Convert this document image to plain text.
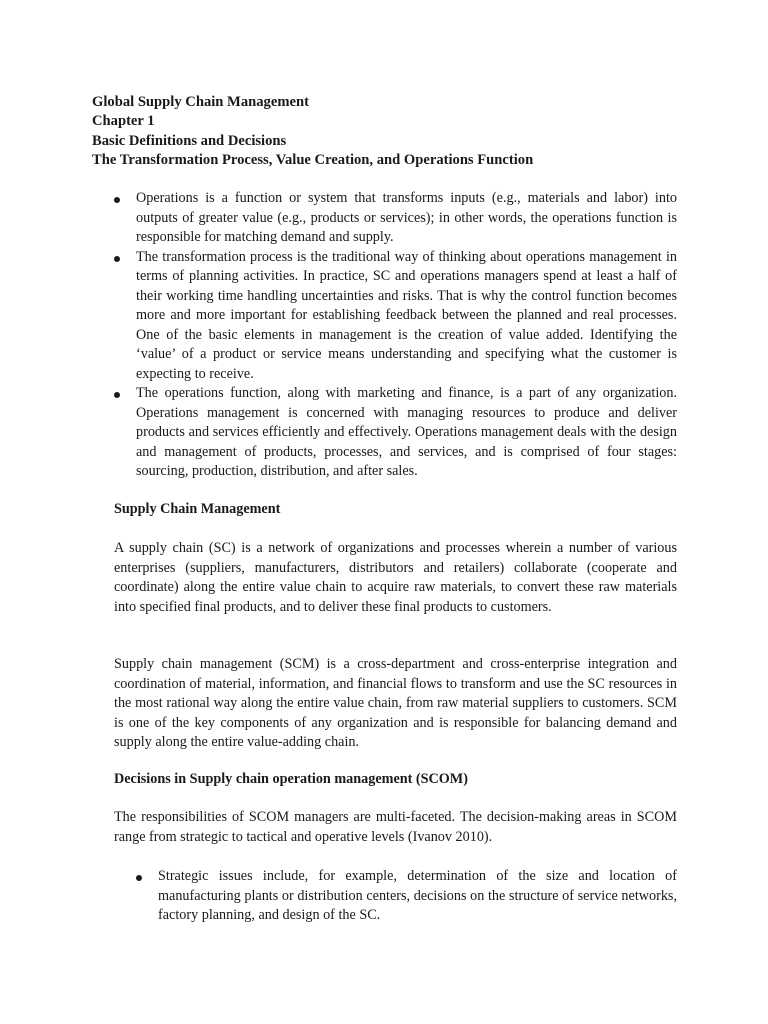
Global Supply Chain Management
Chapter 1
Basic Definitions and Decisions
The Transformation Process, Value Creation, and Operations Function
Operations is a function or system that transforms inputs (e.g., materials and labor) into outputs of greater value (e.g., products or services); in other words, the operations function is responsible for matching demand and supply.
The transformation process is the traditional way of thinking about operations management in terms of planning activities. In practice, SC and operations managers spend at least a half of their working time handling uncertainties and risks. That is why the control function becomes more and more important for establishing feedback between the planned and real processes. One of the basic elements in management is the creation of value added. Identifying the ‘value’ of a product or service means understanding and specifying what the customer is expecting to receive.
The operations function, along with marketing and finance, is a part of any organization. Operations management is concerned with managing resources to produce and deliver products and services efficiently and effectively. Operations management deals with the design and management of products, processes, and services, and is comprised of four stages: sourcing, production, distribution, and after sales.
Supply Chain Management

A supply chain (SC) is a network of organizations and processes wherein a number of various enterprises (suppliers, manufacturers, distributors and retailers) collaborate (cooperate and coordinate) along the entire value chain to acquire raw materials, to convert these raw materials into specified final products, and to deliver these final products to customers.

Supply chain management (SCM) is a cross-department and cross-enterprise integration and coordination of material, information, and financial flows to transform and use the SC resources in the most rational way along the entire value chain, from raw material suppliers to customers. SCM is one of the key components of any organization and is responsible for balancing demand and supply along the entire value-adding chain.

Decisions in Supply chain operation management (SCOM)

The responsibilities of SCOM managers are multi-faceted. The decision-making areas in SCOM range from strategic to tactical and operative levels (Ivanov 2010).

Strategic issues include, for example, determination of the size and location of manufacturing plants or distribution centers, decisions on the structure of service networks, factory planning, and design of the SC.
